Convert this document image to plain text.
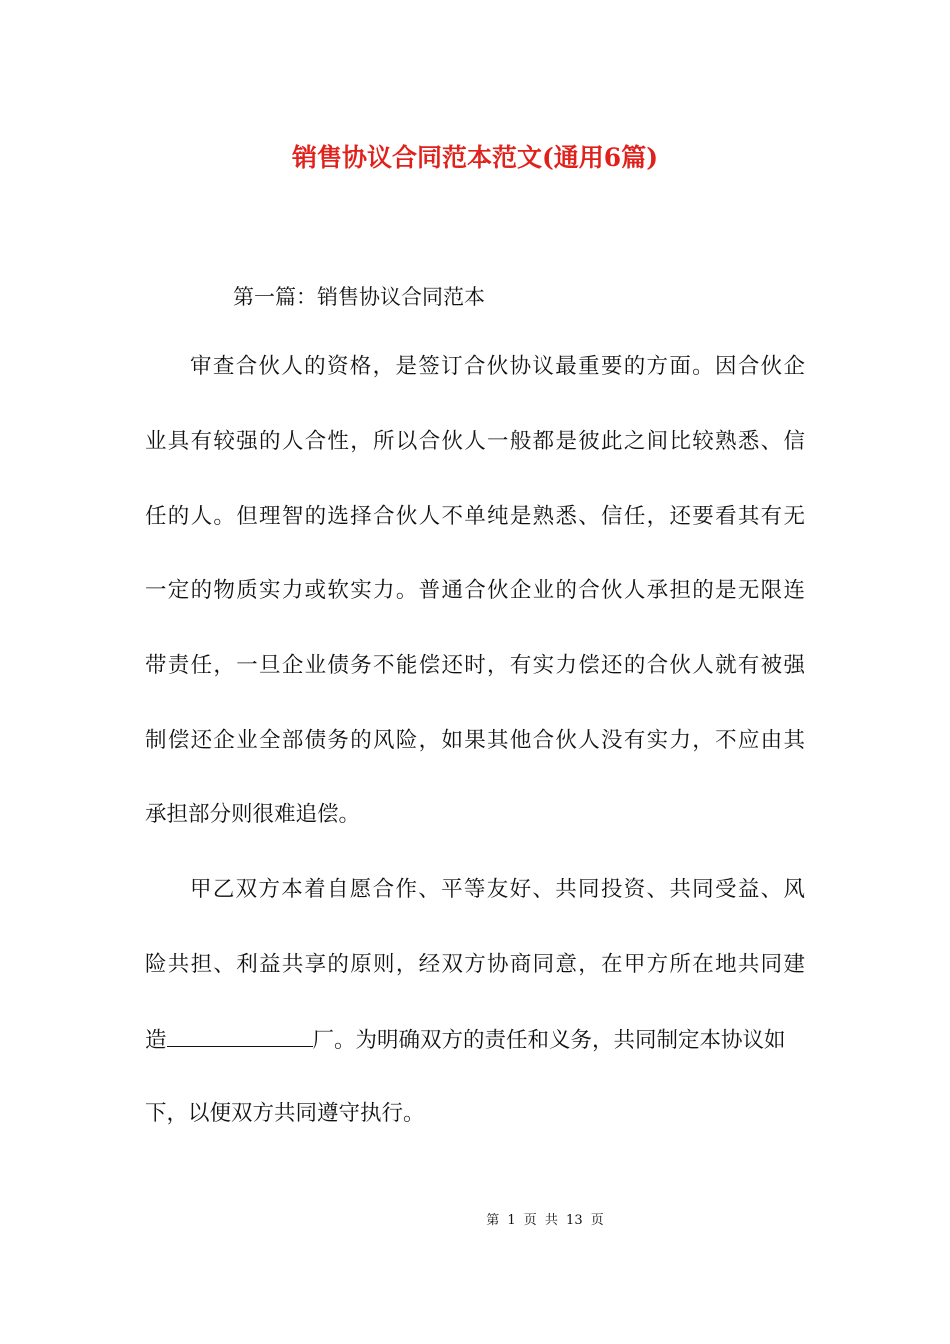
销售协议合同范本范文(通用6篇)

第一篇：销售协议合同范本

审查合伙人的资格，是签订合伙协议最重要的方面。因合伙企

业具有较强的人合性，所以合伙人一般都是彼此之间比较熟悉、信

任的人。但理智的选择合伙人不单纯是熟悉、信任，还要看其有无

一定的物质实力或软实力。普通合伙企业的合伙人承担的是无限连

带责任，一旦企业债务不能偿还时，有实力偿还的合伙人就有被强

制偿还企业全部债务的风险，如果其他合伙人没有实力，不应由其

承担部分则很难追偿。

甲乙双方本着自愿合作、平等友好、共同投资、共同受益、风

险共担、利益共享的原则，经双方协商同意，在甲方所在地共同建

造	厂。为明确双方的责任和义务，共同制定本协议如

下，以便双方共同遵守执行。

第 1 页 共 13 页
